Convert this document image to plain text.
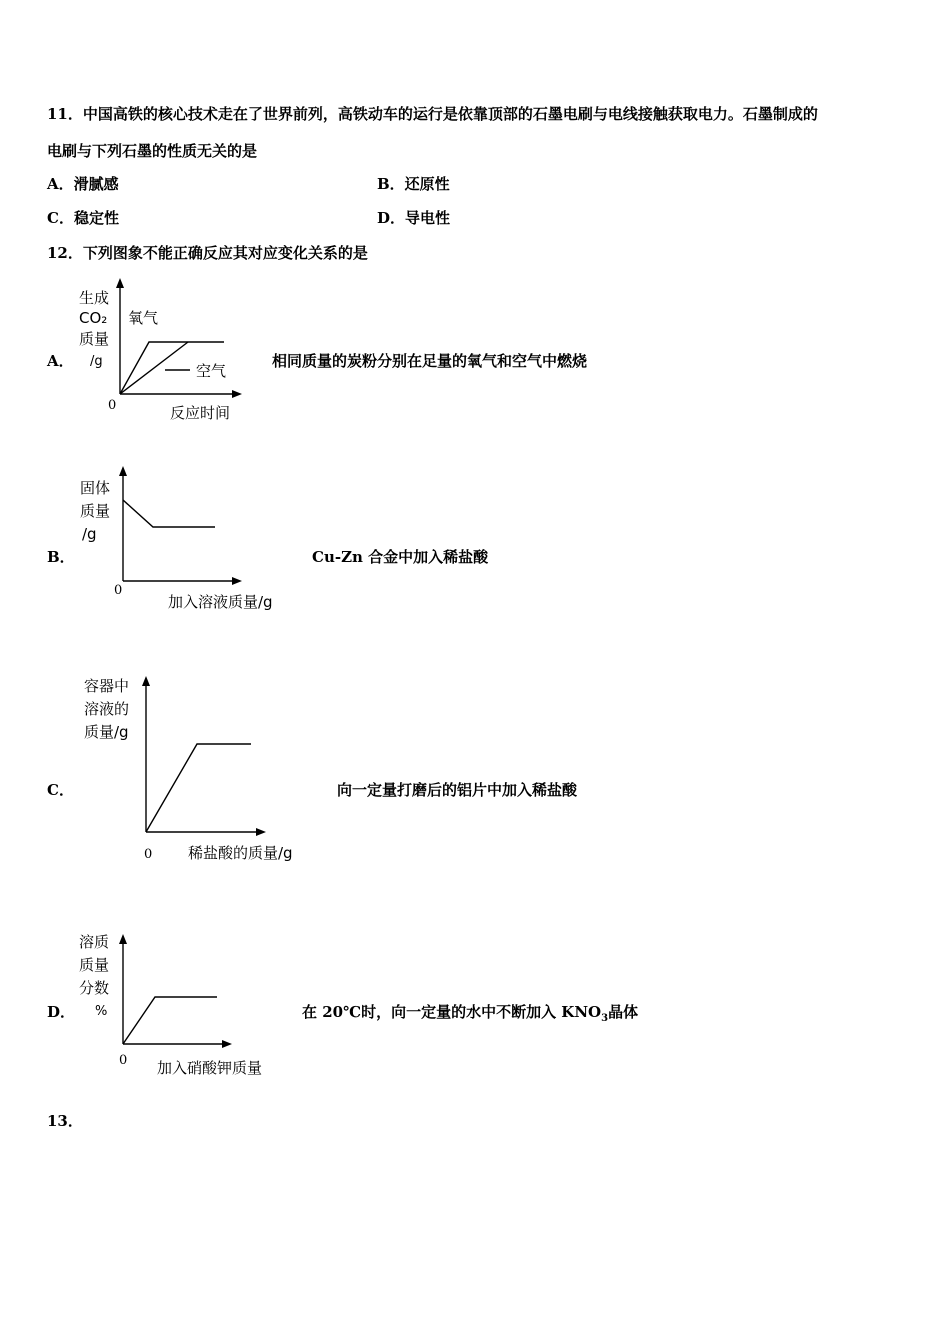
11．中国高铁的核心技术走在了世界前列，高铁动车的运行是依靠顶部的石墨电刷与电线接触获取电力。石墨制成的
电刷与下列石墨的性质无关的是
A．滑腻感	B．还原性
C．稳定性	D．导电性
12．下列图象不能正确反应其对应变化关系的是
A．
生成
CO₂
质量
/g
氧气
空气
0	反应时间
相同质量的炭粉分别在足量的氧气和空气中燃烧
B．
固体
质量
/g
0
加入溶液质量/g
Cu-Zn 合金中加入稀盐酸
C．
容器中
溶液的
质量/g
0 稀盐酸的质量/g
向一定量打磨后的铝片中加入稀盐酸
D．
溶质
质量
分数
%
0 加入硝酸钾质量
在 20℃时，向一定量的水中不断加入 $KNO_3$晶体
13．
